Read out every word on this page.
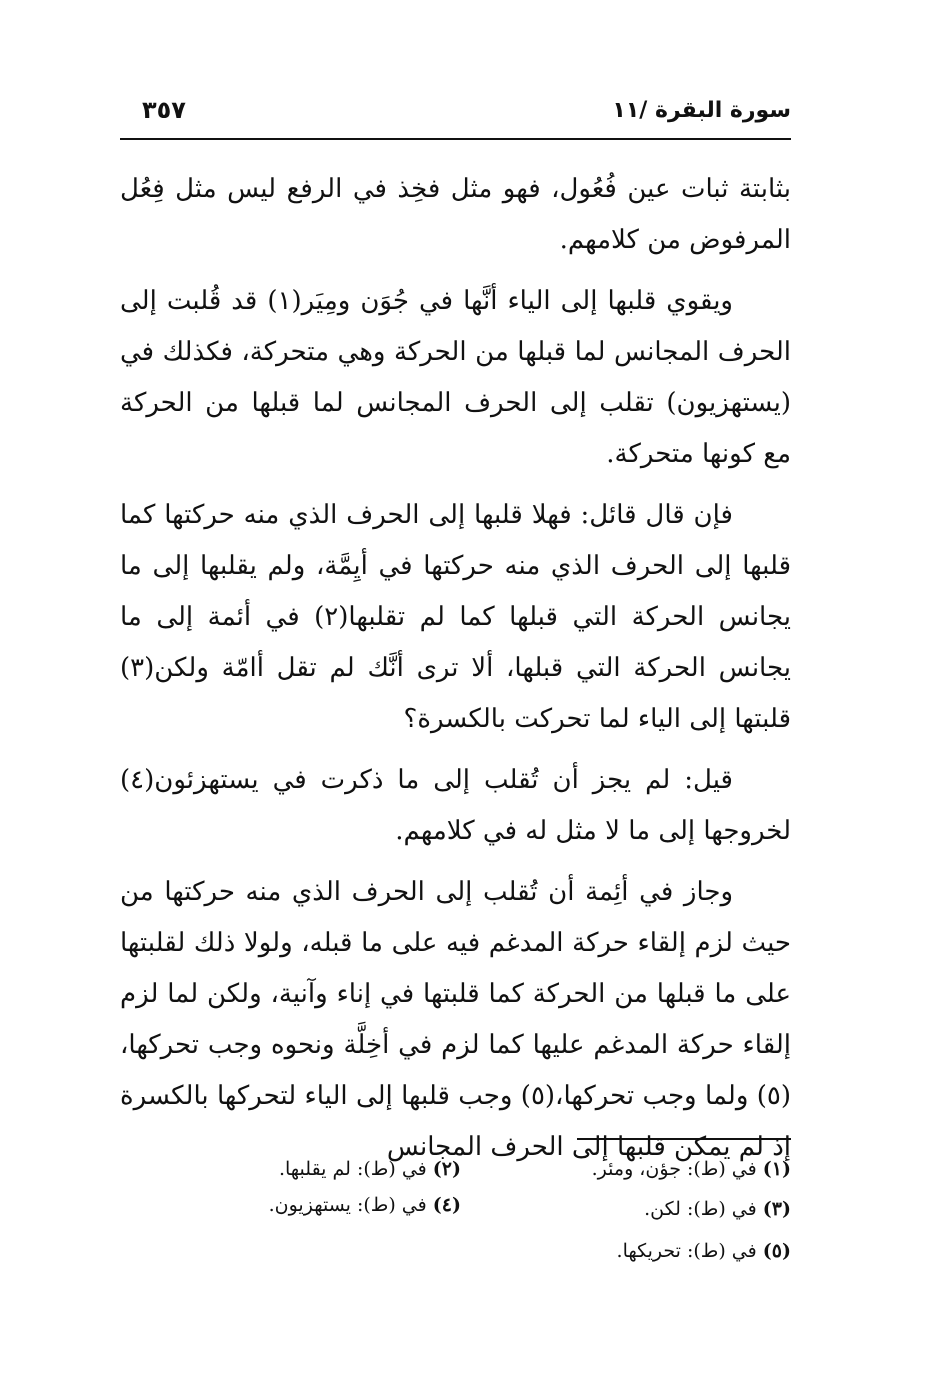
سورة البقرة /١١
٣٥٧

بثابتة ثبات عين فُعُول، فهو مثل فخِذ في الرفع ليس مثل فِعُل المرفوض من كلامهم.

ويقوي قلبها إلى الياء أنَّها في جُوَن ومِيَر(١) قد قُلبت إلى الحرف المجانس لما قبلها من الحركة وهي متحركة، فكذلك في (يستهزيون) تقلب إلى الحرف المجانس لما قبلها من الحركة مع كونها متحركة.

فإن قال قائل: فهلا قلبها إلى الحرف الذي منه حركتها كما قلبها إلى الحرف الذي منه حركتها في أيِمَّة، ولم يقلبها إلى ما يجانس الحركة التي قبلها كما لم تقلبها(٢) في أئمة إلى ما يجانس الحركة التي قبلها، ألا ترى أنَّك لم تقل أامّة ولكن(٣) قلبتها إلى الياء لما تحركت بالكسرة؟

قيل: لم يجز أن تُقلب إلى ما ذكرت في يستهزئون(٤) لخروجها إلى ما لا مثل له في كلامهم.

وجاز في أئِمة أن تُقلب إلى الحرف الذي منه حركتها من حيث لزم إلقاء حركة المدغم فيه على ما قبله، ولولا ذلك لقلبتها على ما قبلها من الحركة كما قلبتها في إناء وآنية، ولكن لما لزم إلقاء حركة المدغم عليها كما لزم في أخِلَّة ونحوه وجب تحركها،(٥) ولما وجب تحركها،(٥) وجب قلبها إلى الياء لتحركها بالكسرة إذ لم يمكن قلبها إلى الحرف المجانس

(١) في (ط): جؤن، ومئر.
(٢) في (ط): لم يقلبها.
(٣) في (ط): لكن.
(٤) في (ط): يستهزيون.
(٥) في (ط): تحريكها.
